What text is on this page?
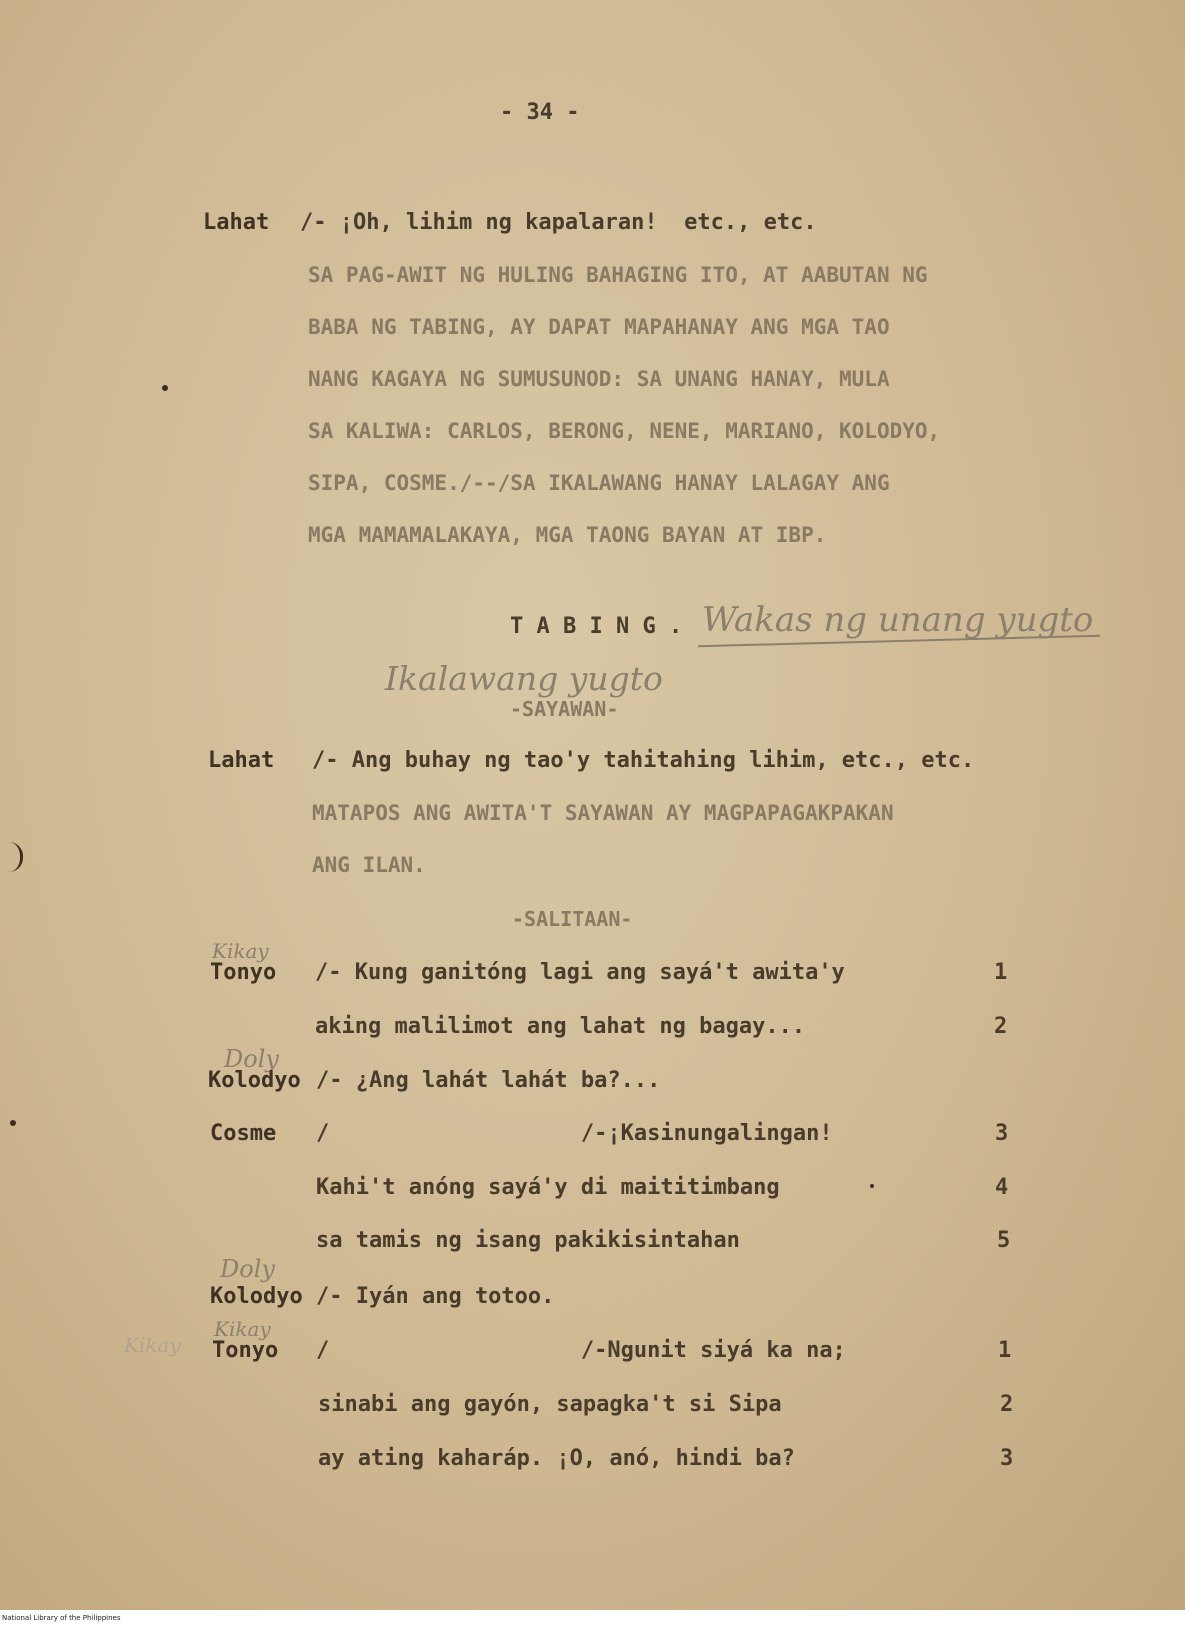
- 34 -
Lahat /- ¡Oh, lihim ng kapalaran!  etc., etc.
SA PAG-AWIT NG HULING BAHAGING ITO, AT AABUTAN NG
BABA NG TABING, AY DAPAT MAPAHANAY ANG MGA TAO
NANG KAGAYA NG SUMUSUNOD: SA UNANG HANAY, MULA
SA KALIWA: CARLOS, BERONG, NENE, MARIANO, KOLODYO,
SIPA, COSME./--/SA IKALAWANG HANAY LALAGAY ANG
MGA MAMAMALAKAYA, MGA TAONG BAYAN AT IBP.
T A B I N G . Wakas ng unang yugto
Ikalawang yugto
-SAYAWAN-
Lahat /- Ang buhay ng tao'y tahitahing lihim, etc., etc.
MATAPOS ANG AWITA'T SAYAWAN AY MAGPAPAGAKPAKAN
ANG ILAN.
-SALITAAN-
Kikay
Tonyo /- Kung ganitóng lagi ang sayá't awita'y	1
aking malilimot ang lahat ng bagay...	2
Doly
Kolodyo /- ¿Ang lahát lahát ba?...
Cosme /                   /-¡Kasinungalingan!	3
Kahi't anóng sayá'y di maititimbang	4
sa tamis ng isang pakikisintahan	5
Doly
Kolodyo /- Iyán ang totoo.
Kikay
Kikay
Tonyo /                   /-Ngunit siyá ka na;	1
sinabi ang gayón, sapagka't si Sipa	2
ay ating kaharáp. ¡O, anó, hindi ba?	3
National Library of the Philippines
